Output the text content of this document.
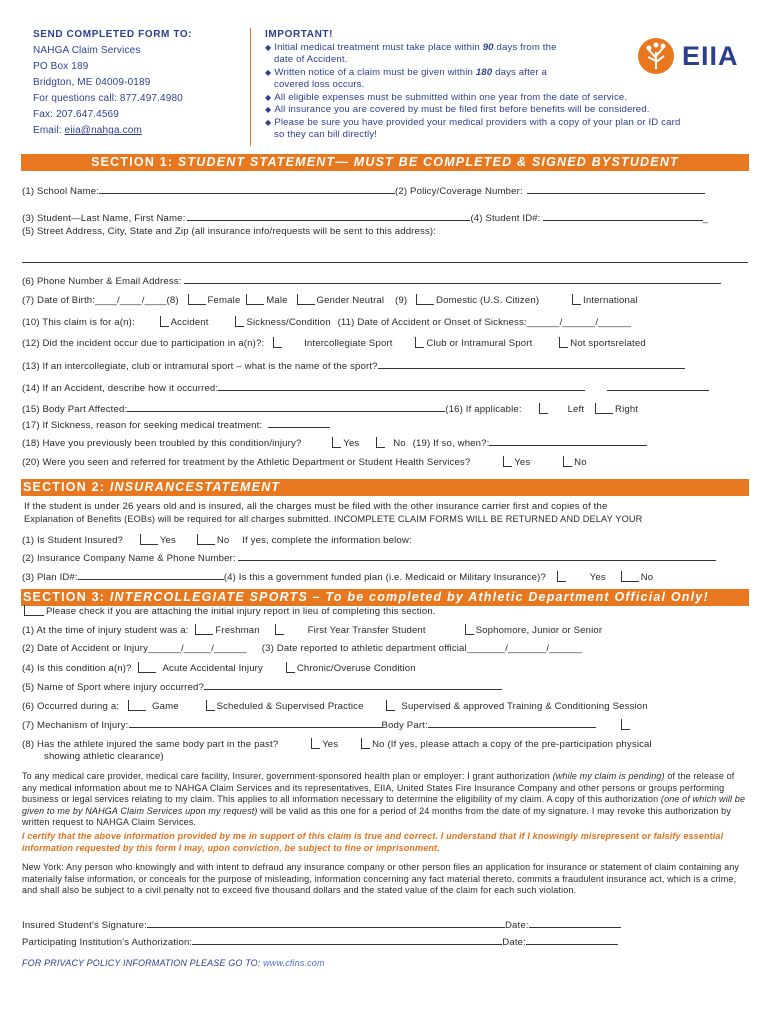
SEND COMPLETED FORM TO:
NAHGA Claim Services
PO Box 189
Bridgton, ME 04009-0189
For questions call: 877.497.4980
Fax: 207.647.4569
Email: eiia@nahga.com
IMPORTANT!
◆ Initial medical treatment must take place within 90 days from the
date of Accident.
◆ Written notice of a claim must be given within 180 days after a
covered loss occurs.
◆ All eligible expenses must be submitted within one year from the date of service.
◆ All insurance you are covered by must be filed first before benefits will be considered.
◆ Please be sure you have provided your medical providers with a copy of your plan or ID card
so they can bill directly!
EIIA
SECTION 1: STUDENT STATEMENT— MUST BE COMPLETED & SIGNED BYSTUDENT
(1) School Name:	(2) Policy/Coverage Number:
(3) Student—Last Name, First Name:	(4) Student ID#:	_
(5) Street Address, City, State and Zip (all insurance info/requests will be sent to this address):
(6) Phone Number & Email Address:
(7) Date of Birth:____/____/____(8)	Female	Male	Gender Neutral (9)	Domestic (U.S. Citizen)	International
(10) This claim is for a(n):	Accident	Sickness/Condition (11) Date of Accident or Onset of Sickness:______/______/______
(12) Did the incident occur due to participation in a(n)?:	Intercollegiate Sport	Club or Intramural Sport	Not sportsrelated
(13) If an intercollegiate, club or intramural sport – what is the name of the sport?
(14) If an Accident, describe how it occurred:
(15) Body Part Affected:	(16) If applicable:	Left	Right
(17) If Sickness, reason for seeking medical treatment:
(18) Have you previously been troubled by this condition/injury?	Yes	No (19) If so, when?:
(20) Were you seen and referred for treatment by the Athletic Department or Student Health Services?	Yes	No
SECTION 2: INSURANCESTATEMENT
If the student is under 26 years old and is insured, all the charges must be filed with the other insurance carrier first and copies of the
Explanation of Benefits (EOBs) will be required for all charges submitted. INCOMPLETE CLAIM FORMS WILL BE RETURNED AND DELAY YOUR
(1) Is Student Insured?	Yes	No If yes, complete the information below:
(2) Insurance Company Name & Phone Number:
(3) Plan ID#:	(4) Is this a government funded plan (i.e. Medicaid or Military Insurance)?	Yes	No
SECTION 3: INTERCOLLEGIATE SPORTS – To be completed by Athletic Department Official Only!
Please check if you are attaching the initial injury report in lieu of completing this section.
(1) At the time of injury student was a:	Freshman	First Year Transfer Student	Sophomore, Junior or Senior
(2) Date of Accident or Injury______/_____/______ (3) Date reported to athletic department official_______/_______/______
(4) Is this condition a(n)?	Acute Accidental Injury	Chronic/Overuse Condition
(5) Name of Sport where injury occurred?
(6) Occurred during a:	Game	Scheduled & Supervised Practice	Supervised & approved Training & Conditioning Session
(7) Mechanism of Injury:	Body Part:
(8) Has the athlete injured the same body part in the past?	Yes	No (If yes, please attach a copy of the pre-participation physical
showing athletic clearance)
To any medical care provider, medical care facility, Insurer, government-sponsored health plan or employer: I grant authorization (while my claim is pending) of the release of any medical information about me to NAHGA Claim Services and its representatives, EIIA, United States Fire Insurance Company and other persons or groups performing business or legal services relating to my claim. This applies to all information necessary to determine the eligibility of my claim. A copy of this authorization (one of which will be given to me by NAHGA Claim Services upon my request) will be valid as this one for a period of 24 months from the date of my signature. I may revoke this authorization by written request to NAHGA Claim Services.
I certify that the above information provided by me in support of this claim is true and correct. I understand that if I knowingly misrepresent or falsify essential information requested by this form I may, upon conviction, be subject to fine or imprisonment.
New York: Any person who knowingly and with intent to defraud any insurance company or other person files an application for insurance or statement of claim containing any materially false information, or conceals for the purpose of misleading, information concerning any fact material thereto, commits a fraudulent insurance act, which is a crime, and shall also be subject to a civil penalty not to exceed five thousand dollars and the stated value of the claim for each such violation.
Insured Student's Signature:	Date:
Participating Institution's Authorization:	Date:
FOR PRIVACY POLICY INFORMATION PLEASE GO TO: www.cfins.com
